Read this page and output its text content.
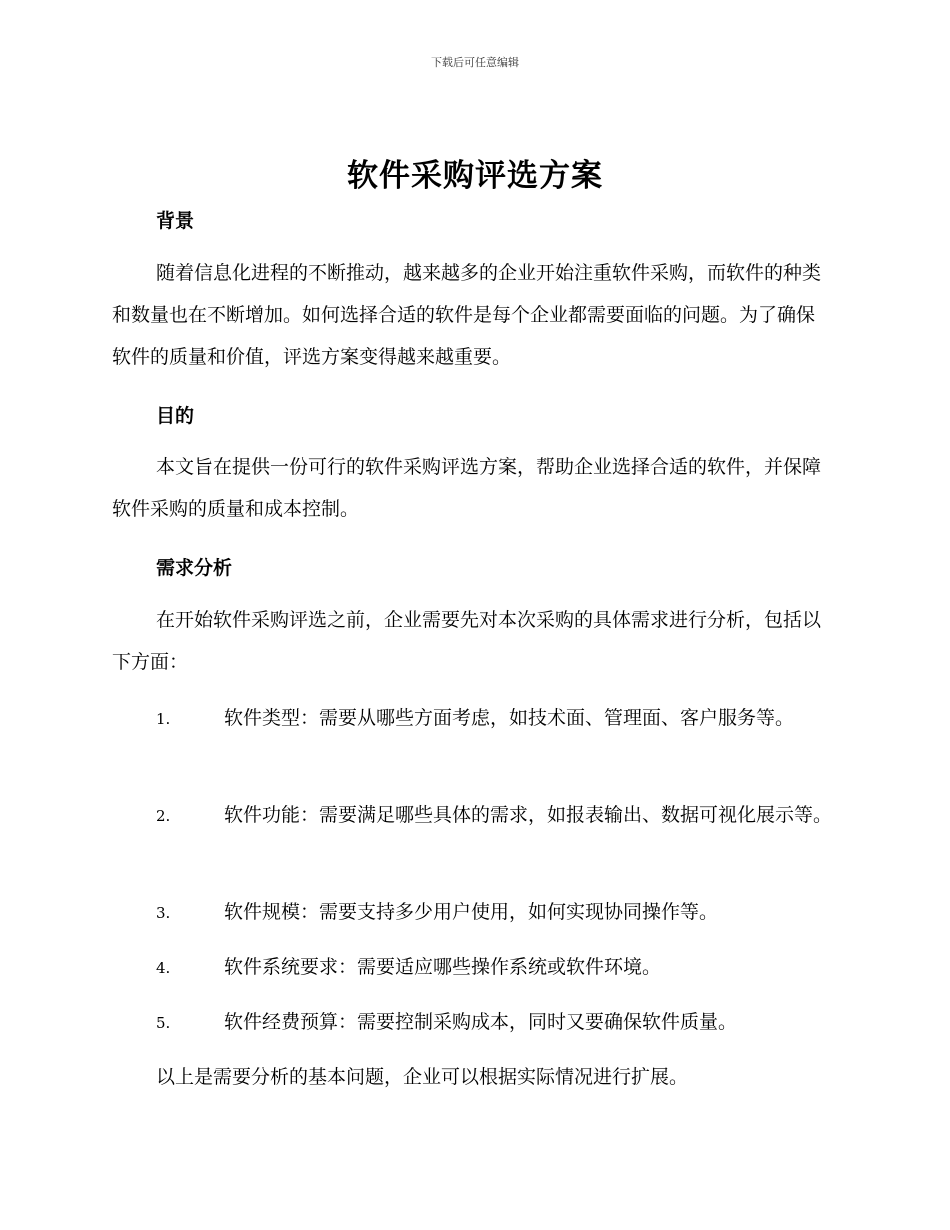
下载后可任意编辑
软件采购评选方案
背景

随着信息化进程的不断推动，越来越多的企业开始注重软件采购，而软件的种类和数量也在不断增加。如何选择合适的软件是每个企业都需要面临的问题。为了确保软件的质量和价值，评选方案变得越来越重要。

目的

本文旨在提供一份可行的软件采购评选方案，帮助企业选择合适的软件，并保障软件采购的质量和成本控制。

需求分析

在开始软件采购评选之前，企业需要先对本次采购的具体需求进行分析，包括以下方面：

1.	软件类型：需要从哪些方面考虑，如技术面、管理面、客户服务等。
2.	软件功能：需要满足哪些具体的需求，如报表输出、数据可视化展示等。
3.	软件规模：需要支持多少用户使用，如何实现协同操作等。
4.	软件系统要求：需要适应哪些操作系统或软件环境。
5.	软件经费预算：需要控制采购成本，同时又要确保软件质量。

以上是需要分析的基本问题，企业可以根据实际情况进行扩展。
